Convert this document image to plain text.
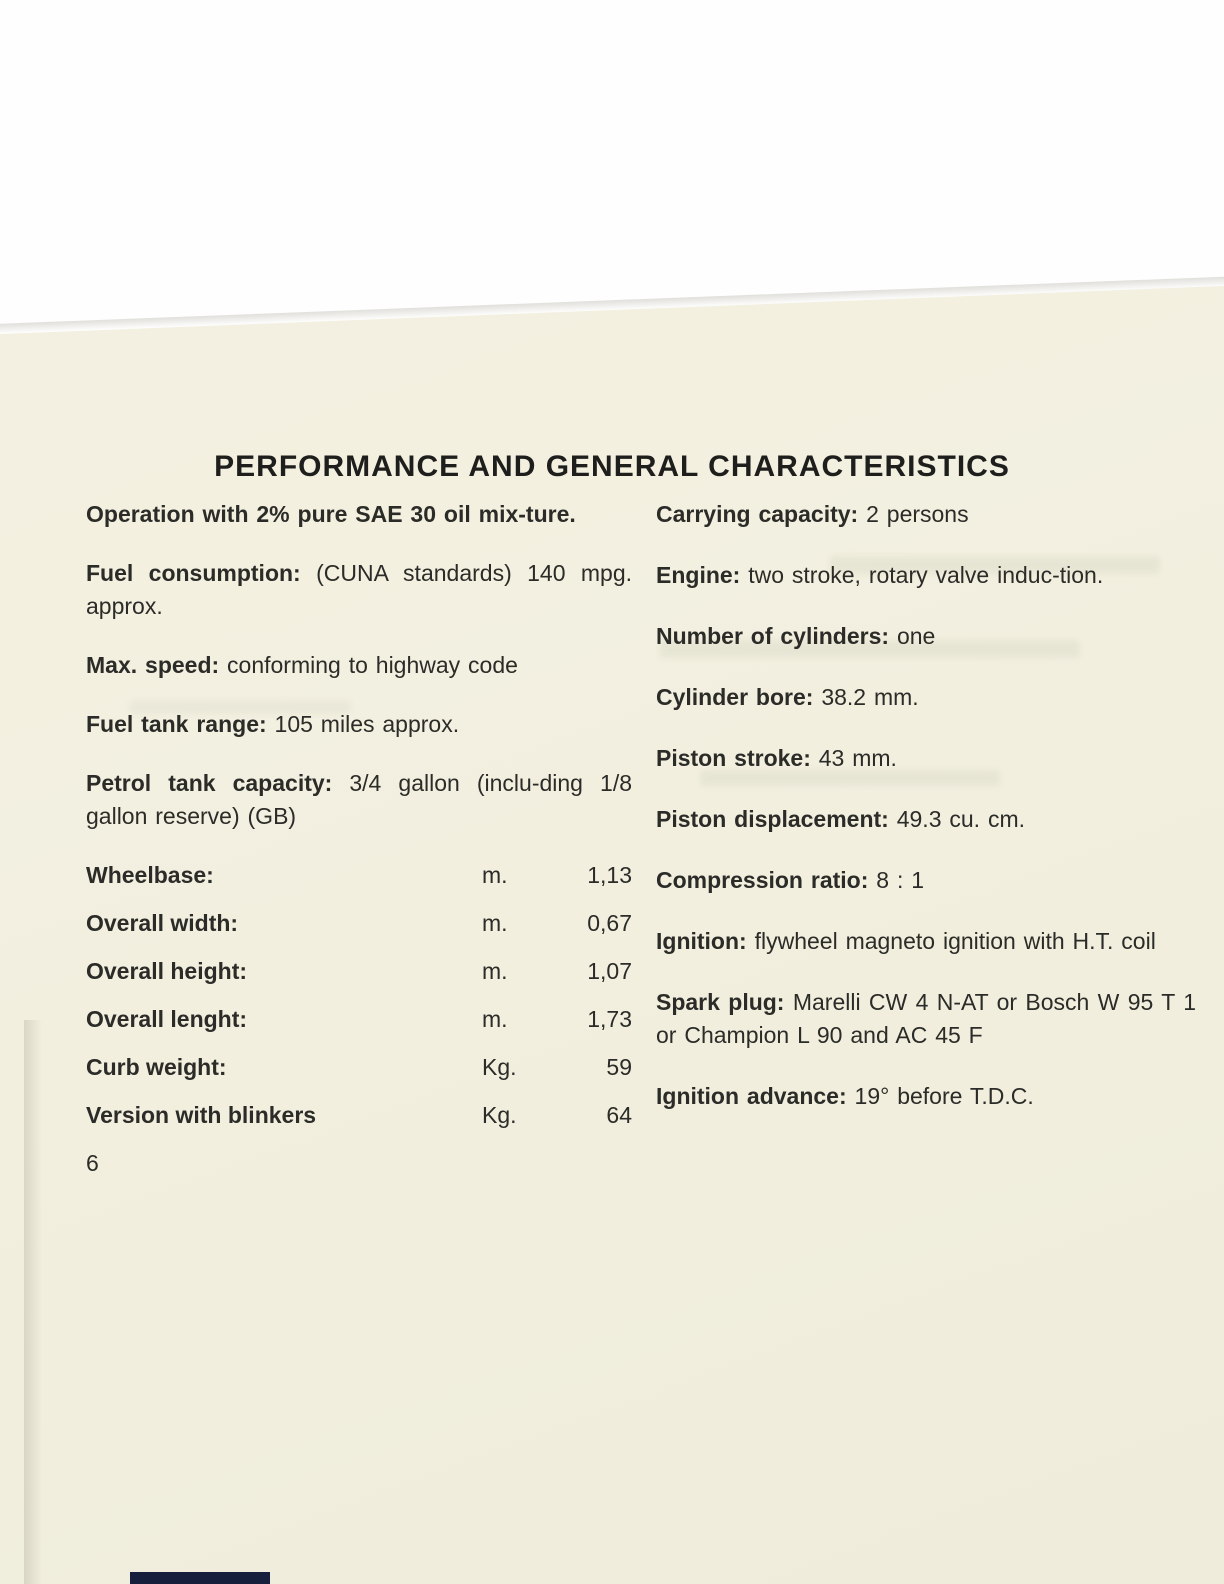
PERFORMANCE AND GENERAL CHARACTERISTICS

Operation with 2% pure SAE 30 oil mix-ture.

Fuel consumption: (CUNA standards) 140 mpg. approx.

Max. speed: conforming to highway code

Fuel tank range: 105 miles approx.

Petrol tank capacity: 3/4 gallon (inclu-ding 1/8 gallon reserve) (GB)

Wheelbase:	m.	1,13
Overall width:	m.	0,67
Overall height:	m.	1,07
Overall lenght:	m.	1,73
Curb weight:	Kg.	59
Version with blinkers	Kg.	64
6

Carrying capacity: 2 persons

Engine: two stroke, rotary valve induc-tion.

Number of cylinders: one

Cylinder bore: 38.2 mm.

Piston stroke: 43 mm.

Piston displacement: 49.3 cu. cm.

Compression ratio: 8 : 1

Ignition: flywheel magneto ignition with H.T. coil

Spark plug: Marelli CW 4 N-AT or Bosch W 95 T 1 or Champion L 90 and AC 45 F

Ignition advance: 19° before T.D.C.
